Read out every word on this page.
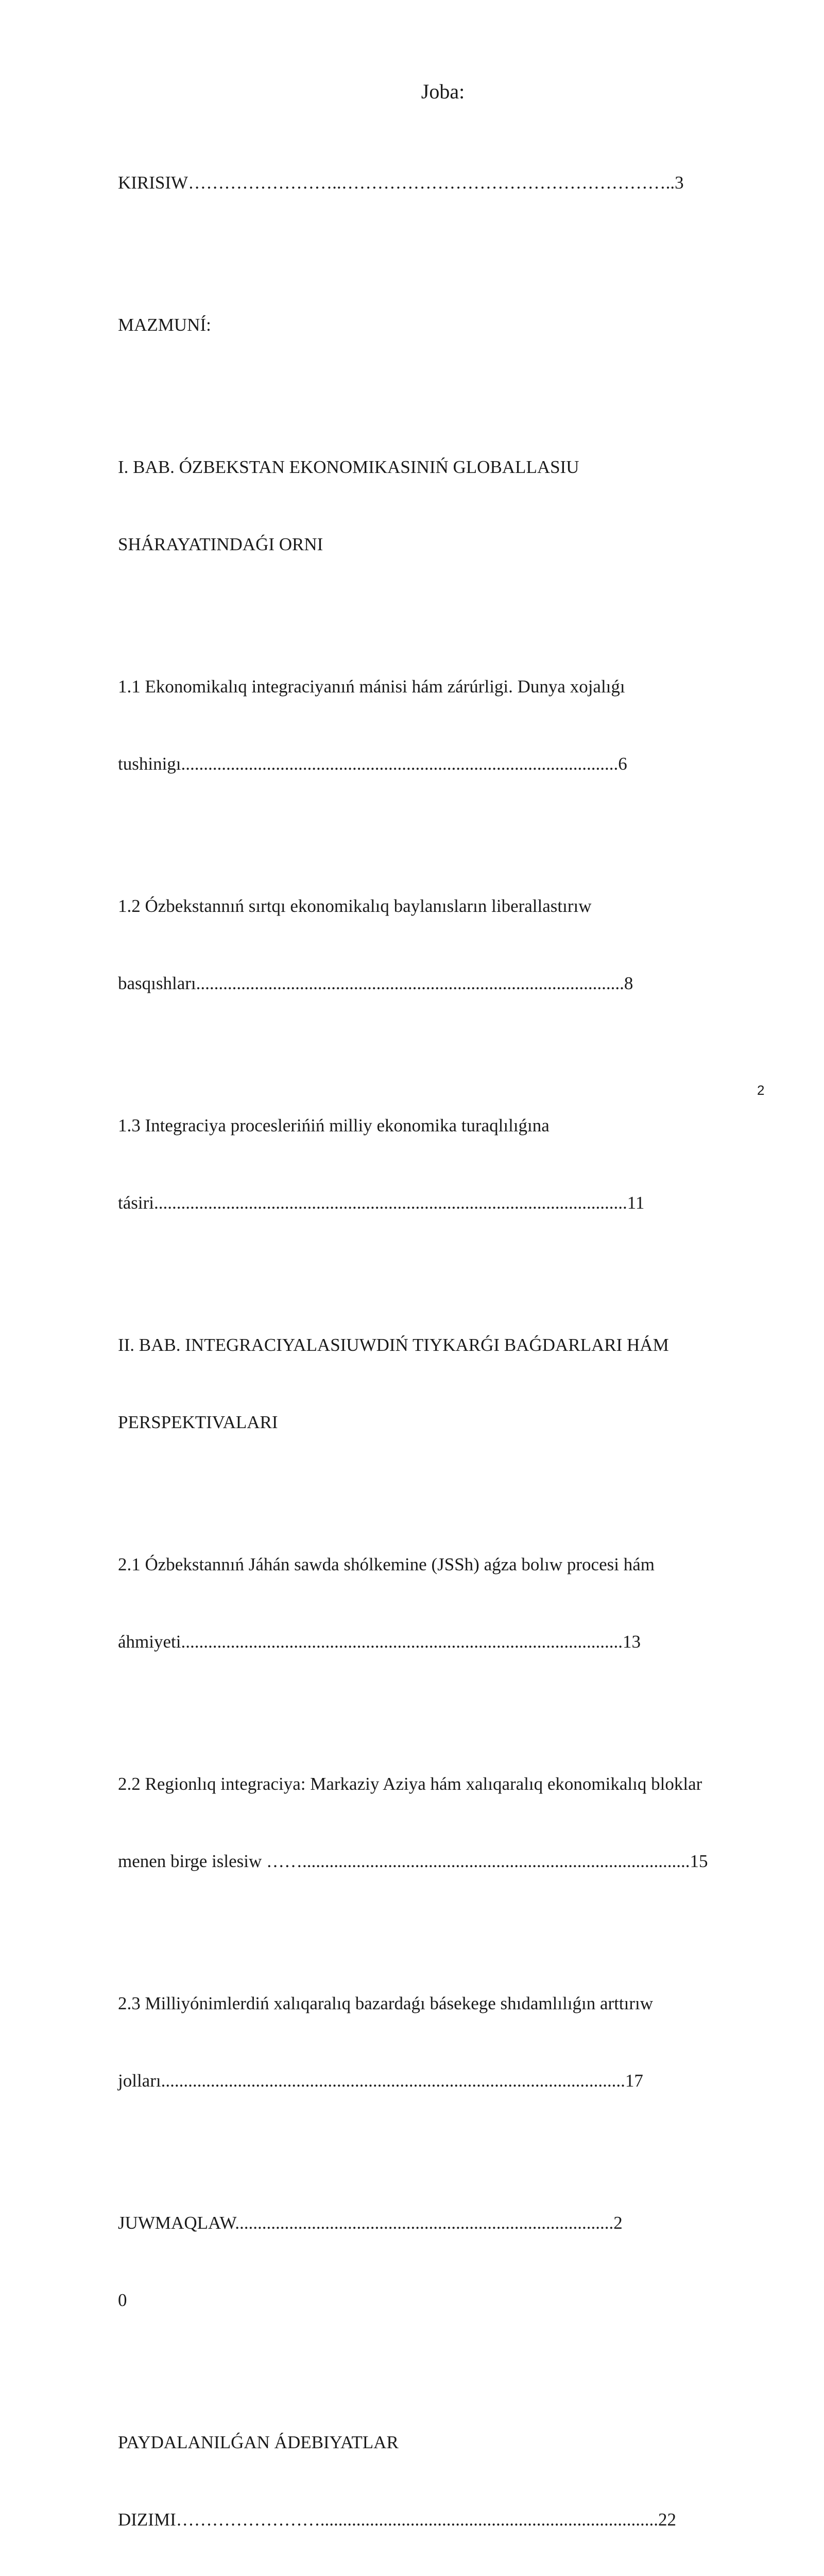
Joba:

KIRISIW……………………..………………………………………………..3

MAZMUNÍ:

I. BAB. ÓZBEKSTAN EKONOMIKASINIŃ GLOBALLASIU

SHÁRAYATINDAǴI ORNI

1.1 Ekonomikalıq integraciyanıń mánisi hám zárúrligi. Dunya xojalıǵı

tushinigı.................................................................................................6

1.2 Ózbekstannıń sırtqı ekonomikalıq baylanısların liberallastırıw

basqıshları...............................................................................................8

1.3 Integraciya proceslerińiń milliy ekonomika turaqlılıǵına

tásiri.........................................................................................................11

II. BAB. INTEGRACIYALASIUWDIŃ TIYKARǴI BAǴDARLARI HÁM

PERSPEKTIVALARI

2.1 Ózbekstannıń Jáhán sawda shólkemine (JSSh) aǵza bolıw procesi hám

áhmiyeti..................................................................................................13

2.2 Regionlıq integraciya: Markaziy Aziya hám xalıqaralıq ekonomikalıq bloklar

menen birge islesiw ……......................................................................................15

2.3 Milliyónimlerdiń xalıqaralıq bazardaǵı básekege shıdamlılıǵın arttırıw

jolları.......................................................................................................17

JUWMAQLAW....................................................................................2

0

PAYDALANILǴAN ÁDEBIYATLAR

DIZIMI……………………...........................................................................22

2
